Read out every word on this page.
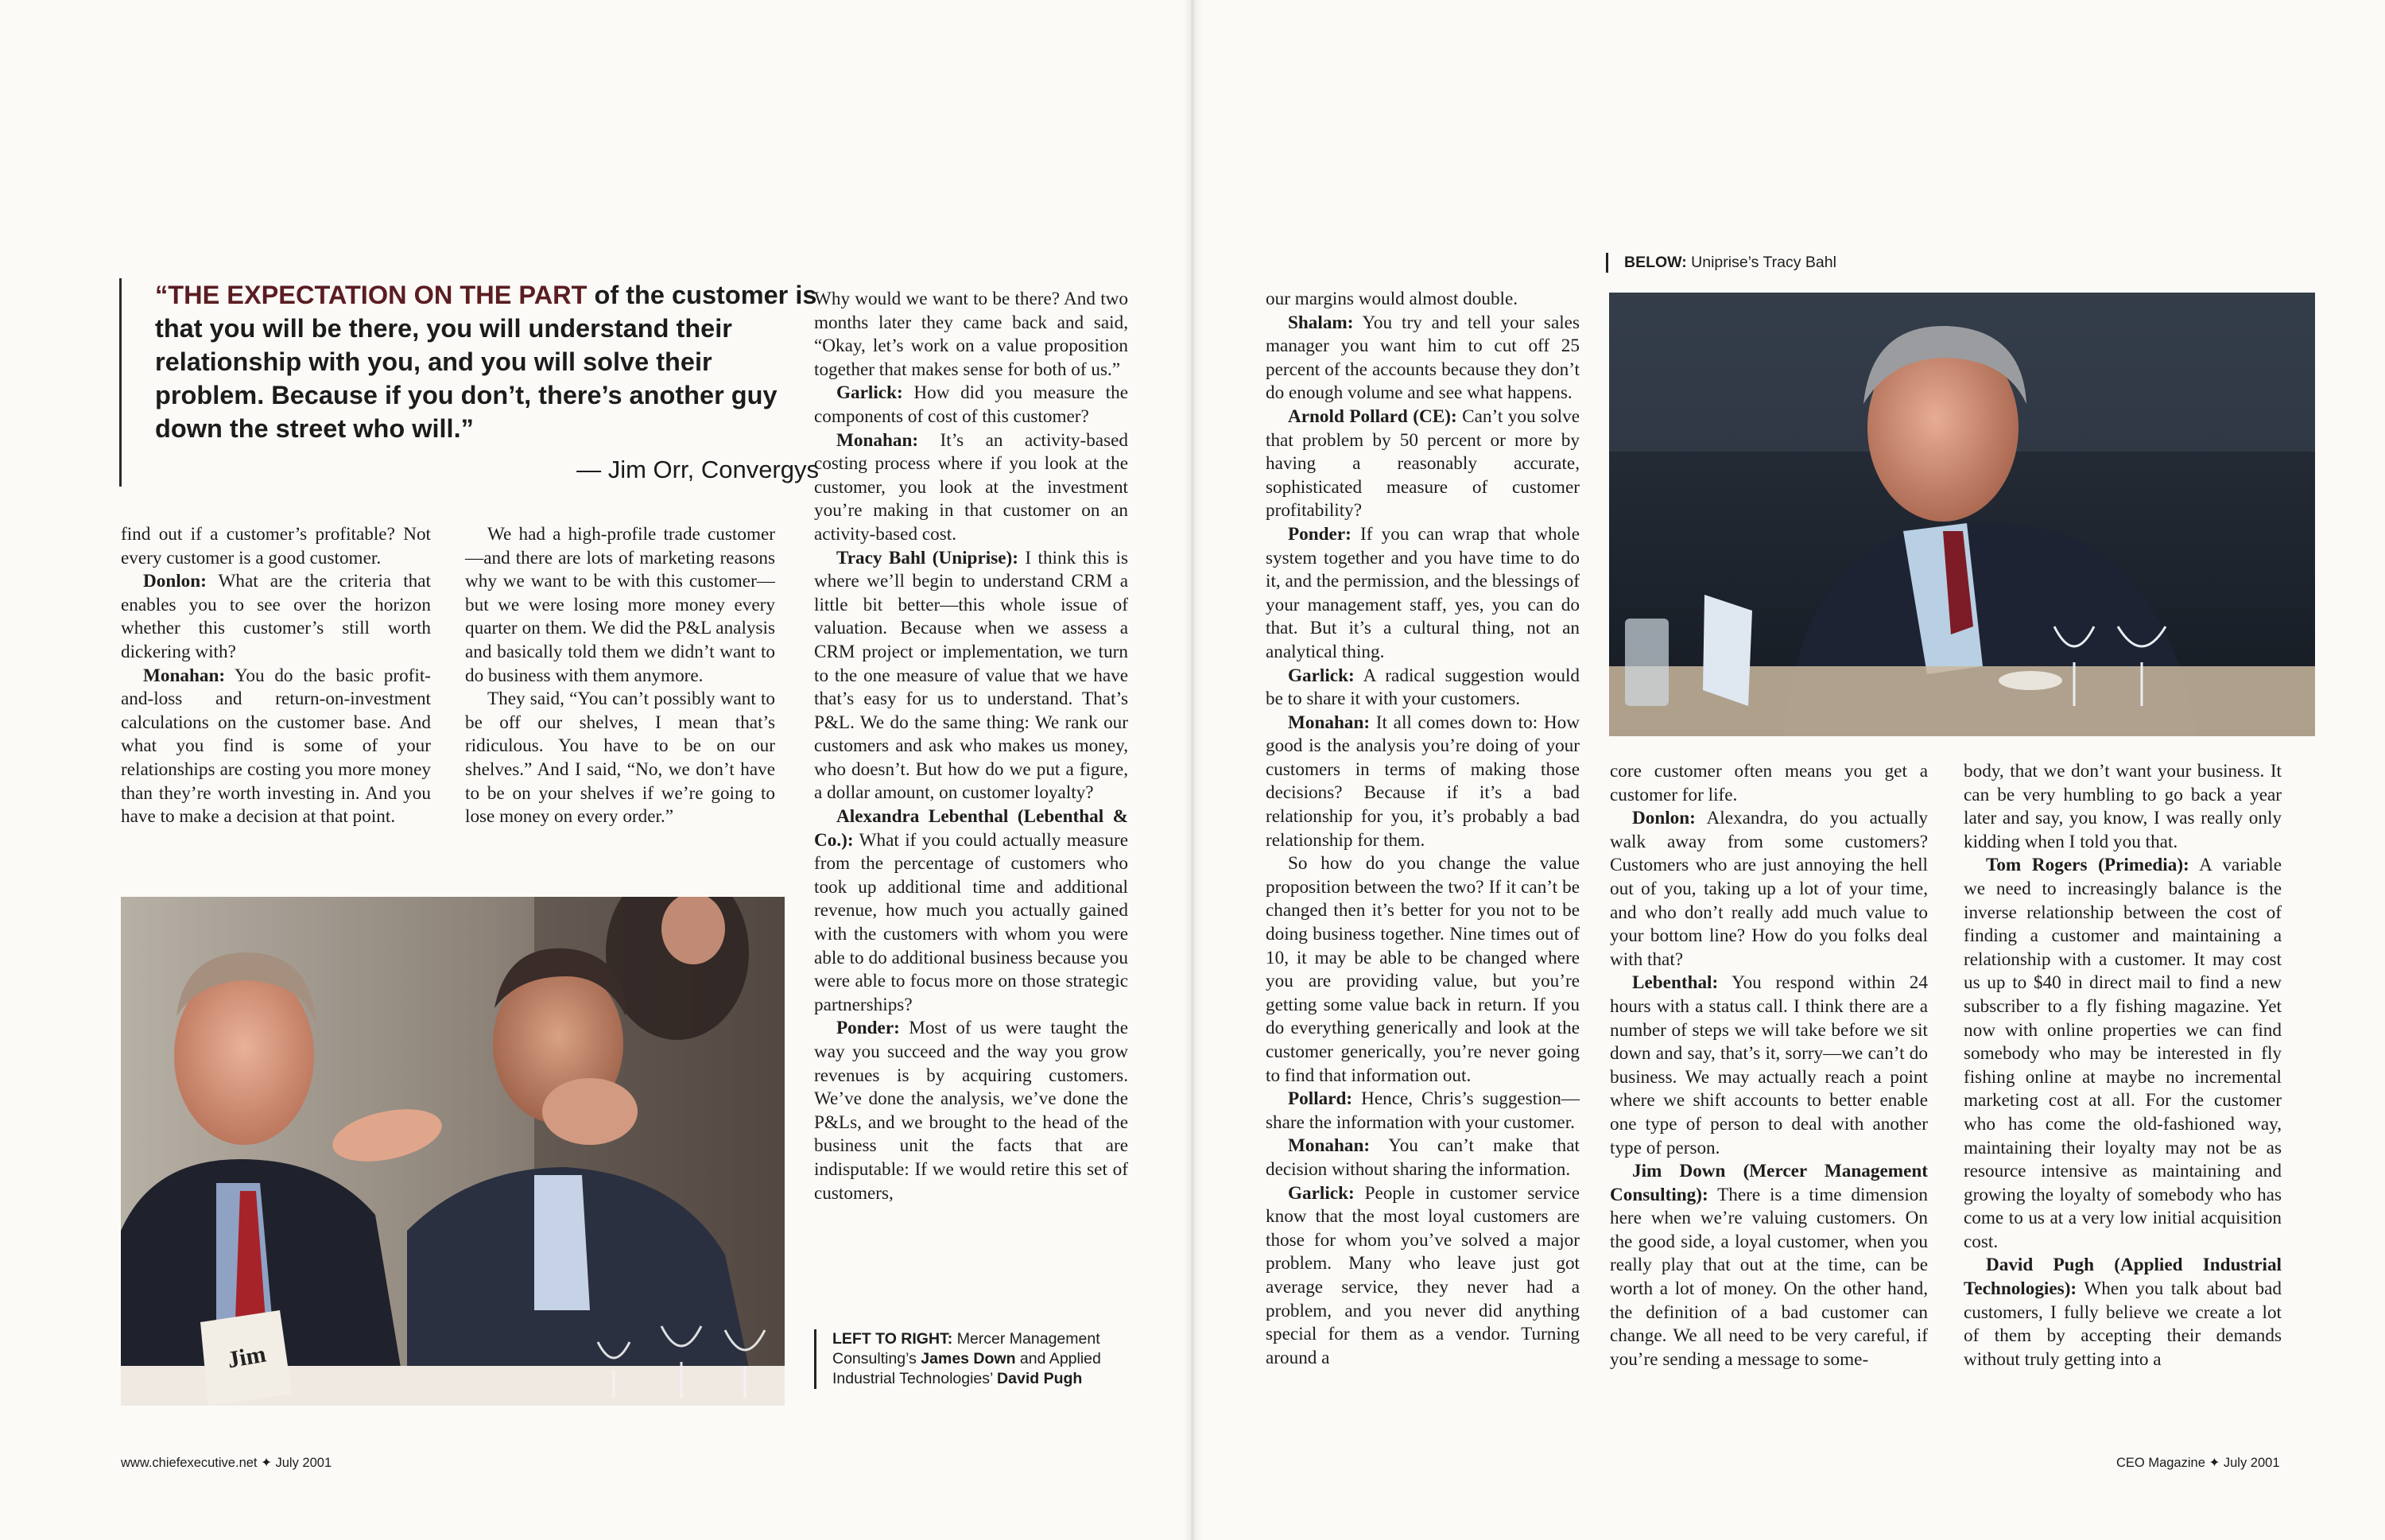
“THE EXPECTATION ON THE PART of the customer is that you will be there, you will understand their relationship with you, and you will solve their problem. Because if you don’t, there’s another guy down the street who will.”
— Jim Orr, Convergys

find out if a customer’s profitable? Not every customer is a good customer.

Donlon: What are the criteria that enables you to see over the horizon whether this customer’s still worth dickering with?

Monahan: You do the basic profit-and-loss and return-on-investment calculations on the customer base. And what you find is some of your relationships are costing you more money than they’re worth investing in. And you have to make a decision at that point.

We had a high-profile trade customer—and there are lots of marketing reasons why we want to be with this customer—but we were losing more money every quarter on them. We did the P&L analysis and basically told them we didn’t want to do business with them anymore.

They said, “You can’t possibly want to be off our shelves, I mean that’s ridiculous. You have to be on our shelves.” And I said, “No, we don’t have to be on your shelves if we’re going to lose money on every order.”

Why would we want to be there? And two months later they came back and said, “Okay, let’s work on a value proposition together that makes sense for both of us.”

Garlick: How did you measure the components of cost of this customer?

Monahan: It’s an activity-based costing process where if you look at the customer, you look at the investment you’re making in that customer on an activity-based cost.

Tracy Bahl (Uniprise): I think this is where we’ll begin to understand CRM a little bit better—this whole issue of valuation. Because when we assess a CRM project or implementation, we turn to the one measure of value that we have that’s easy for us to understand. That’s P&L. We do the same thing: We rank our customers and ask who makes us money, who doesn’t. But how do we put a figure, a dollar amount, on customer loyalty?

Alexandra Lebenthal (Lebenthal & Co.): What if you could actually measure from the percentage of customers who took up additional time and additional revenue, how much you actually gained with the customers with whom you were able to do additional business because you were able to focus more on those strategic partnerships?

Ponder: Most of us were taught the way you succeed and the way you grow revenues is by acquiring customers. We’ve done the analysis, we’ve done the P&Ls, and we brought to the head of the business unit the facts that are indisputable: If we would retire this set of customers,

Jim
LEFT TO RIGHT: Mercer Management Consulting’s James Down and Applied Industrial Technologies’ David Pugh
www.chiefexecutive.net ✦ July 2001
BELOW: Uniprise’s Tracy Bahl

our margins would almost double.

Shalam: You try and tell your sales manager you want him to cut off 25 percent of the accounts because they don’t do enough volume and see what happens.

Arnold Pollard (CE): Can’t you solve that problem by 50 percent or more by having a reasonably accurate, sophisticated measure of customer profitability?

Ponder: If you can wrap that whole system together and you have time to do it, and the permission, and the blessings of your management staff, yes, you can do that. But it’s a cultural thing, not an analytical thing.

Garlick: A radical suggestion would be to share it with your customers.

Monahan: It all comes down to: How good is the analysis you’re doing of your customers in terms of making those decisions? Because if it’s a bad relationship for you, it’s probably a bad relationship for them.

So how do you change the value proposition between the two? If it can’t be changed then it’s better for you not to be doing business together. Nine times out of 10, it may be able to be changed where you are providing value, but you’re getting some value back in return. If you do everything generically and look at the customer generically, you’re never going to find that information out.

Pollard: Hence, Chris’s suggestion—share the information with your customer.

Monahan: You can’t make that decision without sharing the information.

Garlick: People in customer service know that the most loyal customers are those for whom you’ve solved a major problem. Many who leave just got average service, they never had a problem, and you never did anything special for them as a vendor. Turning around a

core customer often means you get a customer for life.

Donlon: Alexandra, do you actually walk away from some customers? Customers who are just annoying the hell out of you, taking up a lot of your time, and who don’t really add much value to your bottom line? How do you folks deal with that?

Lebenthal: You respond within 24 hours with a status call. I think there are a number of steps we will take before we sit down and say, that’s it, sorry—we can’t do business. We may actually reach a point where we shift accounts to better enable one type of person to deal with another type of person.

Jim Down (Mercer Management Consulting): There is a time dimension here when we’re valuing customers. On the good side, a loyal customer, when you really play that out at the time, can be worth a lot of money. On the other hand, the definition of a bad customer can change. We all need to be very careful, if you’re sending a message to some-

body, that we don’t want your business. It can be very humbling to go back a year later and say, you know, I was really only kidding when I told you that.

Tom Rogers (Primedia): A variable we need to increasingly balance is the inverse relationship between the cost of finding a customer and maintaining a relationship with a customer. It may cost us up to $40 in direct mail to find a new subscriber to a fly fishing magazine. Yet now with online properties we can find somebody who may be interested in fly fishing online at maybe no incremental marketing cost at all. For the customer who has come the old-fashioned way, maintaining their loyalty may not be as resource intensive as maintaining and growing the loyalty of somebody who has come to us at a very low initial acquisition cost.

David Pugh (Applied Industrial Technologies): When you talk about bad customers, I fully believe we create a lot of them by accepting their demands without truly getting into a

CEO Magazine ✦ July 2001
